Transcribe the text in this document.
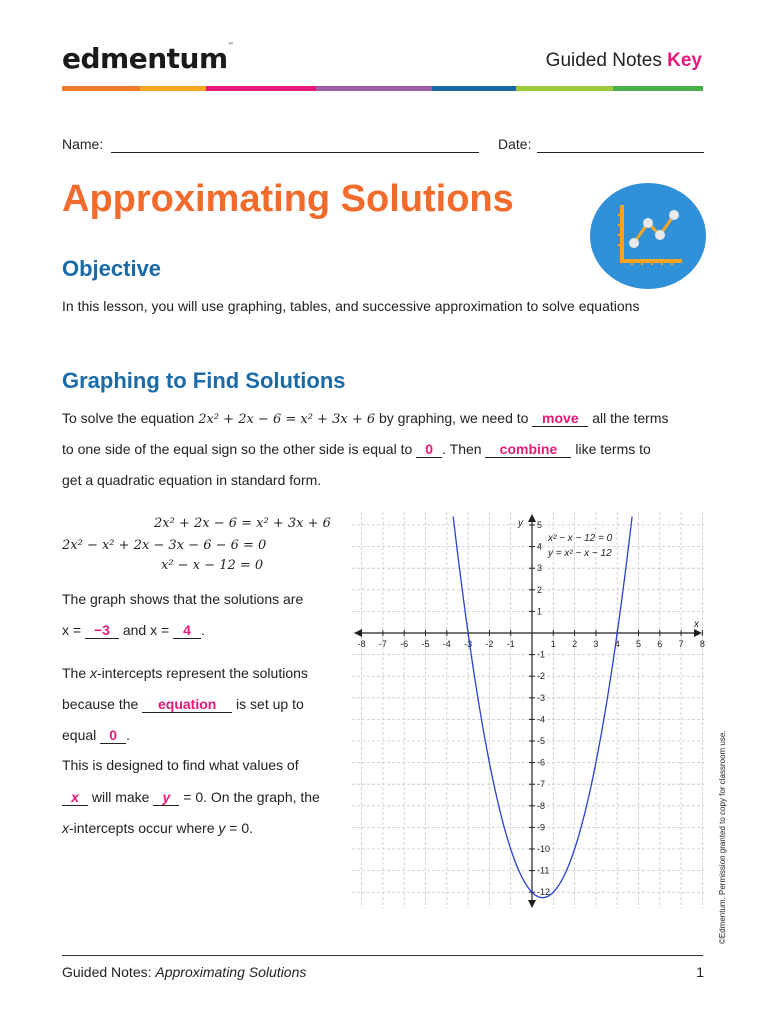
edmentum™
Guided Notes Key
Name:	Date:
Approximating Solutions
Objective
In this lesson, you will use graphing, tables, and successive approximation to solve equations
Graphing to Find Solutions
To solve the equation 2x² + 2x − 6 = x² + 3x + 6 by graphing, we need to move all the terms
to one side of the equal sign so the other side is equal to 0 . Then combine like terms to
get a quadratic equation in standard form.
2x² + 2x − 6 = x² + 3x + 6
2x² − x² + 2x − 3x − 6 − 6 = 0
x² − x − 12 = 0
The graph shows that the solutions are
x = −3 and x = 4 .
The x-intercepts represent the solutions
because the equation is set up to
equal 0 .
This is designed to find what values of
x will make y = 0. On the graph, the
x-intercepts occur where y = 0.
-8 -7 -6 -5 -4 -3 -2 -1	1 2 3 4 5 6 7 8
5
4
3
2
1
-1
-2
-3
-4
-5
-6
-7
-8
-9
-10
-11
-12
x
y
x² − x − 12 = 0
y = x² − x − 12
Guided Notes: Approximating Solutions	1
©Edmentum. Permission granted to copy for classroom use.
